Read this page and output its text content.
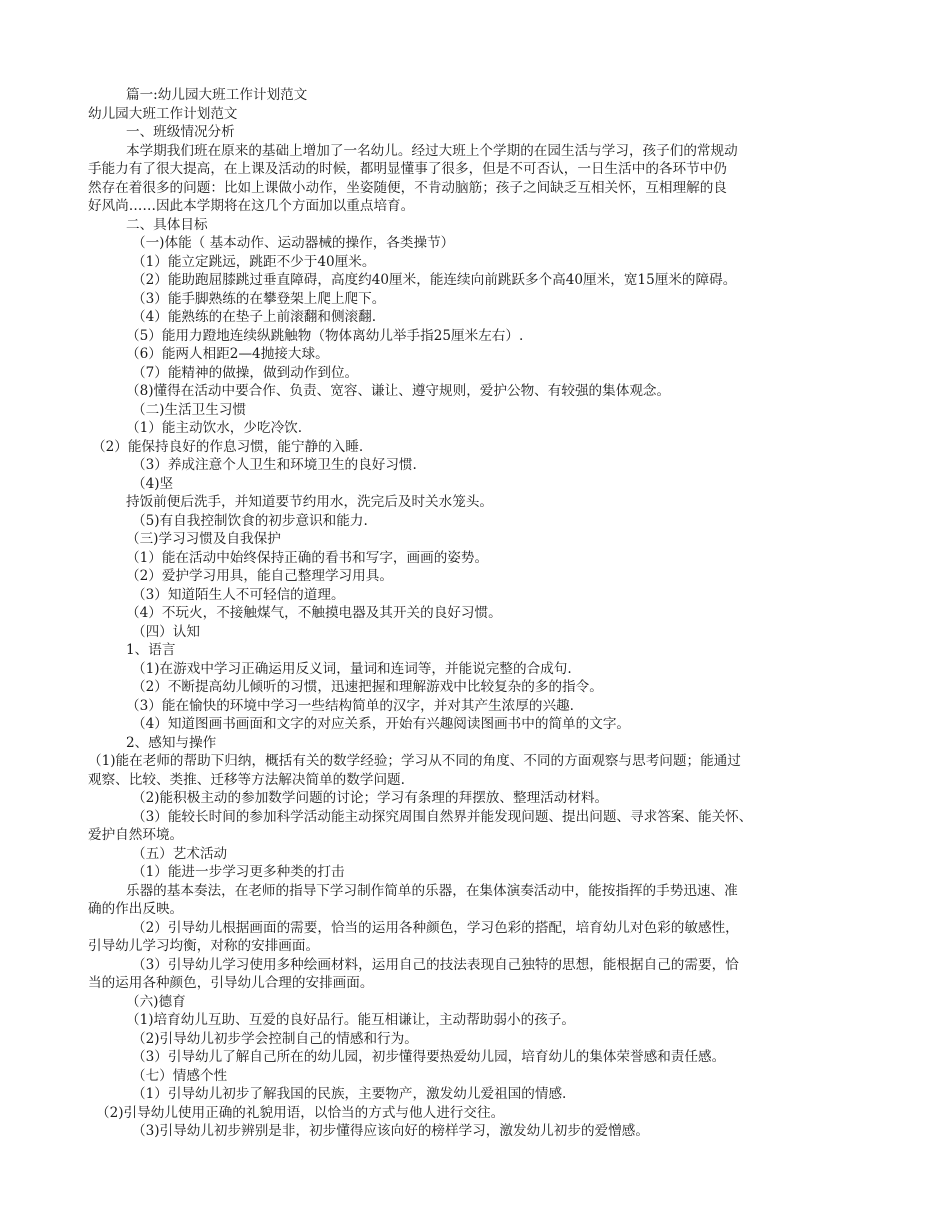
篇一:幼儿园大班工作计划范文
幼儿园大班工作计划范文
一、班级情况分析
本学期我们班在原来的基础上增加了一名幼儿。经过大班上个学期的在园生活与学习，孩子们的常规动
手能力有了很大提高，在上课及活动的时候，都明显懂事了很多，但是不可否认，一日生活中的各环节中仍
然存在着很多的问题：比如上课做小动作，坐姿随便，不肯动脑筋；孩子之间缺乏互相关怀，互相理解的良
好风尚……因此本学期将在这几个方面加以重点培育。
二、具体目标
（一)体能（ 基本动作、运动器械的操作，各类操节）
（1）能立定跳远，跳距不少于40厘米。
（2）能助跑屈膝跳过垂直障碍，高度约40厘米，能连续向前跳跃多个高40厘米，宽15厘米的障碍。
（3）能手脚熟练的在攀登架上爬上爬下。
（4）能熟练的在垫子上前滚翻和侧滚翻.
（5）能用力蹬地连续纵跳触物（物体离幼儿举手指25厘米左右）.
（6）能两人相距2—4抛接大球。
（7）能精神的做操，做到动作到位。
（8)懂得在活动中要合作、负责、宽容、谦让、遵守规则，爱护公物、有较强的集体观念。
（二)生活卫生习惯
（1）能主动饮水，少吃冷饮.
（2）能保持良好的作息习惯，能宁静的入睡.
（3）养成注意个人卫生和环境卫生的良好习惯.
（4)坚
持饭前便后洗手，并知道要节约用水，洗完后及时关水笼头。
（5)有自我控制饮食的初步意识和能力.
（三)学习习惯及自我保护
（1）能在活动中始终保持正确的看书和写字，画画的姿势。
（2）爱护学习用具，能自己整理学习用具。
（3）知道陌生人不可轻信的道理。
（4）不玩火，不接触煤气，不触摸电器及其开关的良好习惯。
（四）认知
1、语言
（1)在游戏中学习正确运用反义词，量词和连词等，并能说完整的合成句.
（2）不断提高幼儿倾听的习惯，迅速把握和理解游戏中比较复杂的多的指令。
（3）能在愉快的环境中学习一些结构简单的汉字，并对其产生浓厚的兴趣.
（4）知道图画书画面和文字的对应关系，开始有兴趣阅读图画书中的简单的文字。
2、感知与操作
（1)能在老师的帮助下归纳，概括有关的数学经验；学习从不同的角度、不同的方面观察与思考问题；能通过
观察、比较、类推、迁移等方法解决简单的数学问题.
（2)能积极主动的参加数学问题的讨论；学习有条理的拜摆放、整理活动材料。
（3）能较长时间的参加科学活动能主动探究周围自然界并能发现问题、提出问题、寻求答案、能关怀、
爱护自然环境。
（五）艺术活动
（1）能进一步学习更多种类的打击
乐器的基本奏法，在老师的指导下学习制作简单的乐器，在集体演奏活动中，能按指挥的手势迅速、准
确的作出反映。
（2）引导幼儿根据画面的需要，恰当的运用各种颜色，学习色彩的搭配，培育幼儿对色彩的敏感性，
引导幼儿学习均衡，对称的安排画面。
（3）引导幼儿学习使用多种绘画材料，运用自己的技法表现自己独特的思想，能根据自己的需要，恰
当的运用各种颜色，引导幼儿合理的安排画面。
（六)德育
（1)培育幼儿互助、互爱的良好品行。能互相谦让，主动帮助弱小的孩子。
（2)引导幼儿初步学会控制自己的情感和行为。
（3）引导幼儿了解自己所在的幼儿园，初步懂得要热爱幼儿园，培育幼儿的集体荣誉感和责任感。
（七）情感个性
（1）引导幼儿初步了解我国的民族，主要物产，激发幼儿爱祖国的情感.
（2)引导幼儿使用正确的礼貌用语，以恰当的方式与他人进行交往。
（3)引导幼儿初步辨别是非，初步懂得应该向好的榜样学习，激发幼儿初步的爱憎感。
